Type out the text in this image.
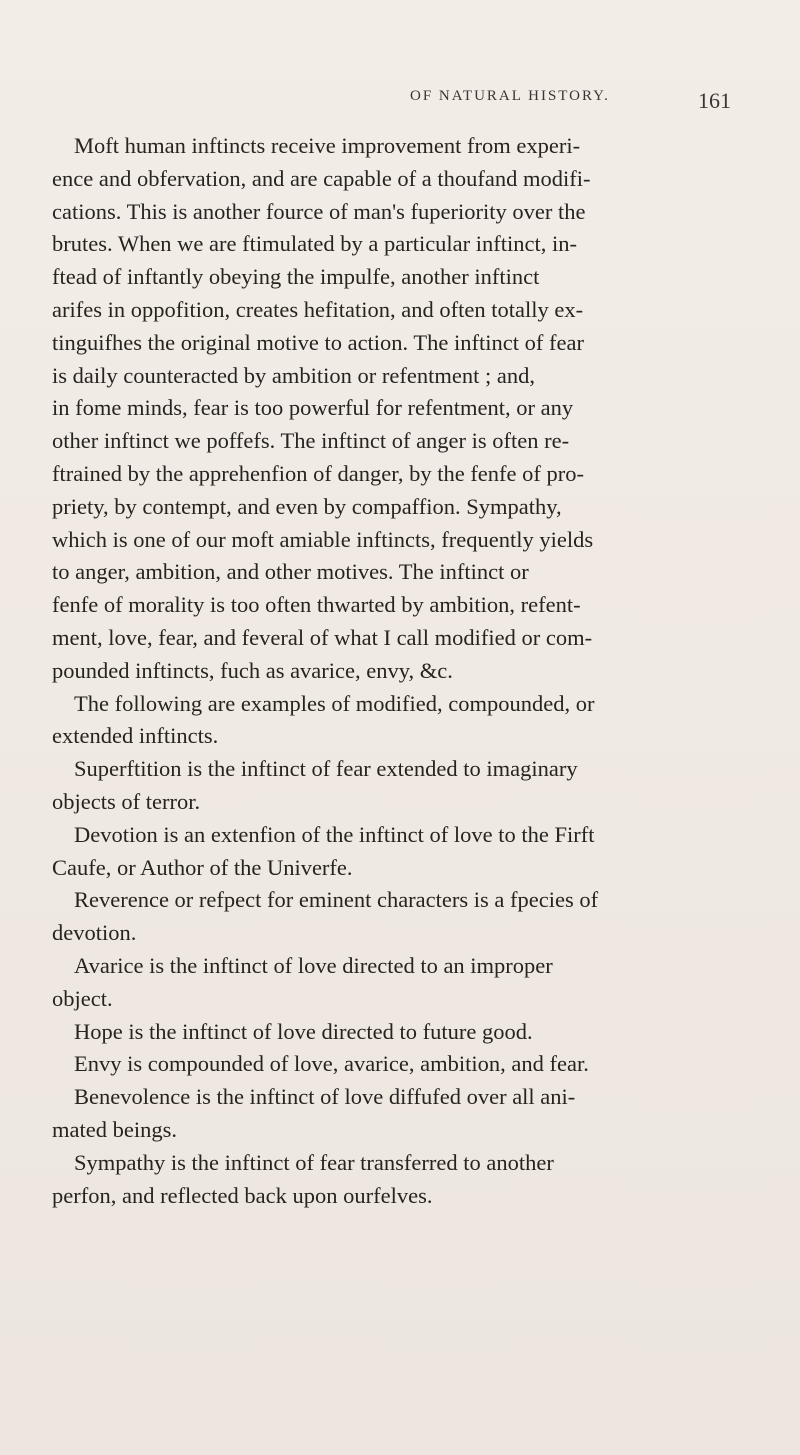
OF NATURAL HISTORY.	161
Moft human inftincts receive improvement from experi-
ence and obfervation, and are capable of a thoufand modifi-
cations. This is another fource of man's fuperiority over the
brutes. When we are ftimulated by a particular inftinct, in-
ftead of inftantly obeying the impulfe, another inftinct
arifes in oppofition, creates hefitation, and often totally ex-
tinguifhes the original motive to action. The inftinct of fear
is daily counteracted by ambition or refentment ; and,
in fome minds, fear is too powerful for refentment, or any
other inftinct we poffefs. The inftinct of anger is often re-
ftrained by the apprehenfion of danger, by the fenfe of pro-
priety, by contempt, and even by compaffion. Sympathy,
which is one of our moft amiable inftincts, frequently yields
to anger, ambition, and other motives. The inftinct or
fenfe of morality is too often thwarted by ambition, refent-
ment, love, fear, and feveral of what I call modified or com-
pounded inftincts, fuch as avarice, envy, &c.
The following are examples of modified, compounded, or
extended inftincts.
Superftition is the inftinct of fear extended to imaginary
objects of terror.
Devotion is an extenfion of the inftinct of love to the Firft
Caufe, or Author of the Univerfe.
Reverence or refpect for eminent characters is a fpecies of
devotion.
Avarice is the inftinct of love directed to an improper
object.
Hope is the inftinct of love directed to future good.
Envy is compounded of love, avarice, ambition, and fear.
Benevolence is the inftinct of love diffufed over all ani-
mated beings.
Sympathy is the inftinct of fear transferred to another
perfon, and reflected back upon ourfelves.
